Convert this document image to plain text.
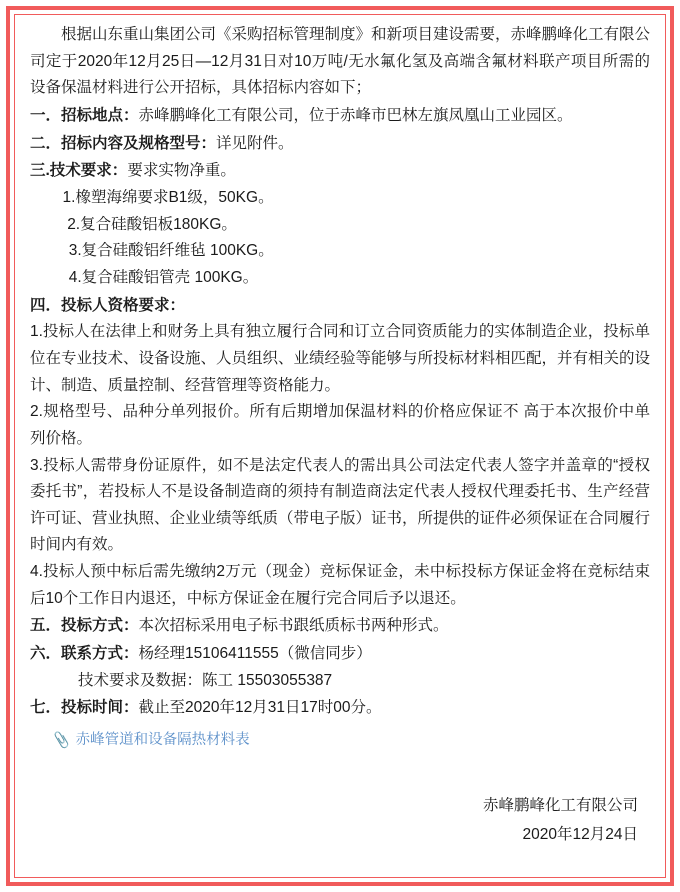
根据山东重山集团公司《采购招标管理制度》和新项目建设需要，赤峰鹏峰化工有限公司定于2020年12月25日—12月31日对10万吨/无水氟化氢及高端含氟材料联产项目所需的设备保温材料进行公开招标，具体招标内容如下；

一．招标地点：赤峰鹏峰化工有限公司，位于赤峰市巴林左旗凤凰山工业园区。

二．招标内容及规格型号：详见附件。

三.技术要求：要求实物净重。

1.橡塑海绵要求B1级，50KG。

2.复合硅酸铝板180KG。

3.复合硅酸铝纤维毡 100KG。

4.复合硅酸铝管壳 100KG。

四．投标人资格要求：

1.投标人在法律上和财务上具有独立履行合同和订立合同资质能力的实体制造企业，投标单位在专业技术、设备设施、人员组织、业绩经验等能够与所投标材料相匹配，并有相关的设计、制造、质量控制、经营管理等资格能力。

2.规格型号、品种分单列报价。所有后期增加保温材料的价格应保证不 高于本次报价中单列价格。

3.投标人需带身份证原件，如不是法定代表人的需出具公司法定代表人签字并盖章的“授权委托书”，若投标人不是设备制造商的须持有制造商法定代表人授权代理委托书、生产经营许可证、营业执照、企业业绩等纸质（带电子版）证书，所提供的证件必须保证在合同履行时间内有效。

4.投标人预中标后需先缴纳2万元（现金）竞标保证金，未中标投标方保证金将在竞标结束后10个工作日内退还，中标方保证金在履行完合同后予以退还。

五．投标方式：本次招标采用电子标书跟纸质标书两种形式。

六．联系方式：杨经理15106411555（微信同步）

技术要求及数据：陈工 15503055387

七．投标时间：截止至2020年12月31日17时00分。

📎 赤峰管道和设备隔热材料表

赤峰鹏峰化工有限公司

2020年12月24日
